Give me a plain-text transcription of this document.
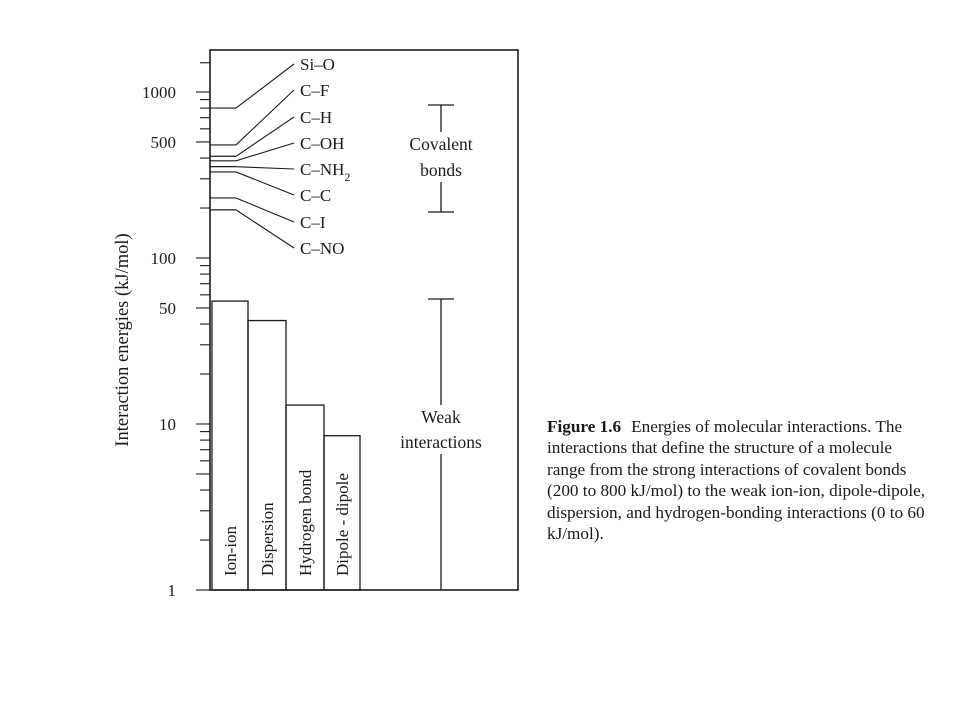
1
10
50
100
500
1000
Interaction energies (kJ/mol)
Ion-ion Dispersion Hydrogen bond Dipole - dipole
Si–O
C–F
C–H
C–OH
$C-NH_2$
C–C
C–I
C–NO
Covalent
bonds
Weak
interactions
Figure 1.6 Energies of molecular interactions. The interactions that define the structure of a molecule range from the strong interactions of covalent bonds (200 to 800 kJ/mol) to the weak ion-ion, dipole-dipole, dispersion, and hydrogen-bonding interactions (0 to 60 kJ/mol).
